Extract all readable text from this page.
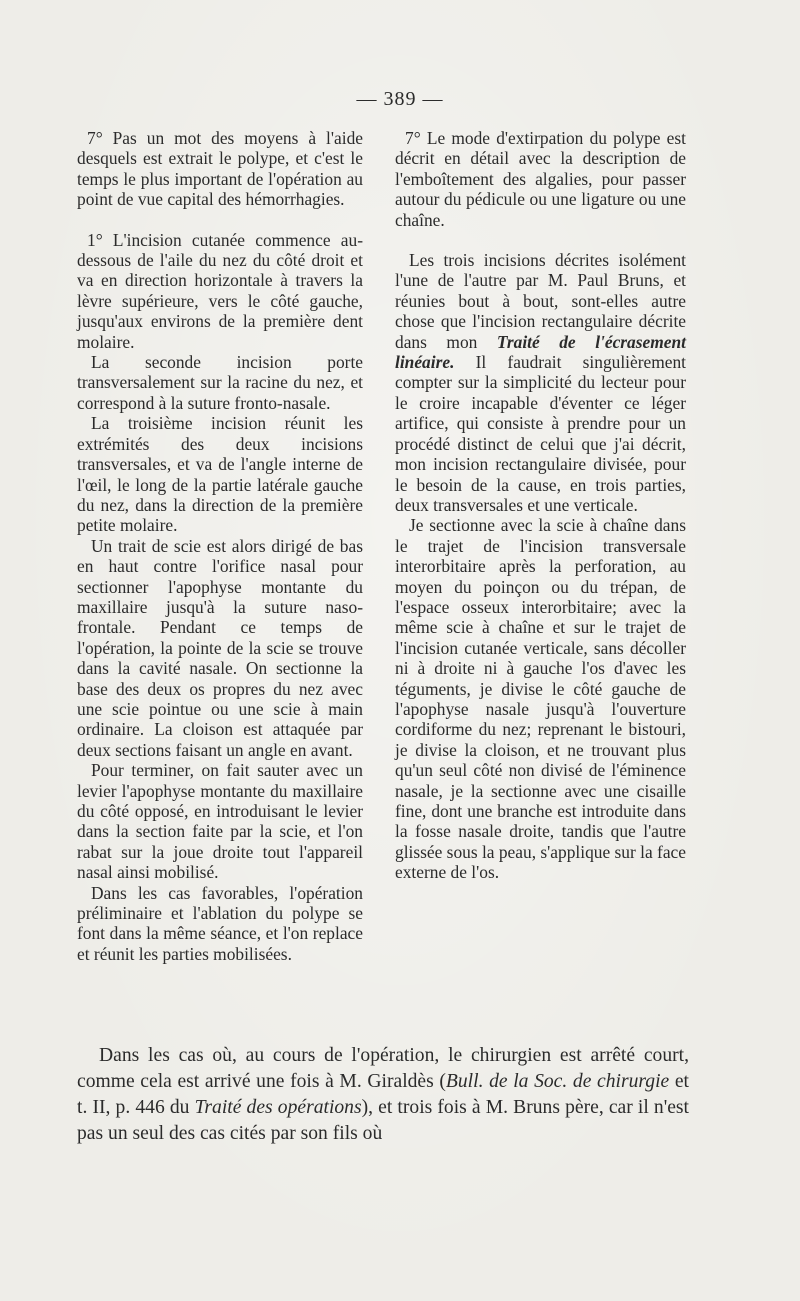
— 389 —

7° Pas un mot des moyens à l'aide desquels est extrait le polype, et c'est le temps le plus important de l'opération au point de vue capital des hémorrhagies.

1° L'incision cutanée commence au-dessous de l'aile du nez du côté droit et va en direction horizontale à travers la lèvre supérieure, vers le côté gauche, jusqu'aux environs de la première dent molaire.

La seconde incision porte transversalement sur la racine du nez, et correspond à la suture fronto-nasale.

La troisième incision réunit les extrémités des deux incisions transversales, et va de l'angle interne de l'œil, le long de la partie latérale gauche du nez, dans la direction de la première petite molaire.

Un trait de scie est alors dirigé de bas en haut contre l'orifice nasal pour sectionner l'apophyse montante du maxillaire jusqu'à la suture naso-frontale. Pendant ce temps de l'opération, la pointe de la scie se trouve dans la cavité nasale. On sectionne la base des deux os propres du nez avec une scie pointue ou une scie à main ordinaire. La cloison est attaquée par deux sections faisant un angle en avant.

Pour terminer, on fait sauter avec un levier l'apophyse montante du maxillaire du côté opposé, en introduisant le levier dans la section faite par la scie, et l'on rabat sur la joue droite tout l'appareil nasal ainsi mobilisé.

Dans les cas favorables, l'opération préliminaire et l'ablation du polype se font dans la même séance, et l'on replace et réunit les parties mobilisées.

7° Le mode d'extirpation du polype est décrit en détail avec la description de l'emboîtement des algalies, pour passer autour du pédicule ou une ligature ou une chaîne.

Les trois incisions décrites isolément l'une de l'autre par M. Paul Bruns, et réunies bout à bout, sont-elles autre chose que l'incision rectangulaire décrite dans mon Traité de l'écrasement linéaire. Il faudrait singulièrement compter sur la simplicité du lecteur pour le croire incapable d'éventer ce léger artifice, qui consiste à prendre pour un procédé distinct de celui que j'ai décrit, mon incision rectangulaire divisée, pour le besoin de la cause, en trois parties, deux transversales et une verticale.

Je sectionne avec la scie à chaîne dans le trajet de l'incision transversale interorbitaire après la perforation, au moyen du poinçon ou du trépan, de l'espace osseux interorbitaire; avec la même scie à chaîne et sur le trajet de l'incision cutanée verticale, sans décoller ni à droite ni à gauche l'os d'avec les téguments, je divise le côté gauche de l'apophyse nasale jusqu'à l'ouverture cordiforme du nez; reprenant le bistouri, je divise la cloison, et ne trouvant plus qu'un seul côté non divisé de l'éminence nasale, je la sectionne avec une cisaille fine, dont une branche est introduite dans la fosse nasale droite, tandis que l'autre glissée sous la peau, s'applique sur la face externe de l'os.

Dans les cas où, au cours de l'opération, le chirurgien est arrêté court, comme cela est arrivé une fois à M. Giraldès (Bull. de la Soc. de chirurgie et t. II, p. 446 du Traité des opérations), et trois fois à M. Bruns père, car il n'est pas un seul des cas cités par son fils où
